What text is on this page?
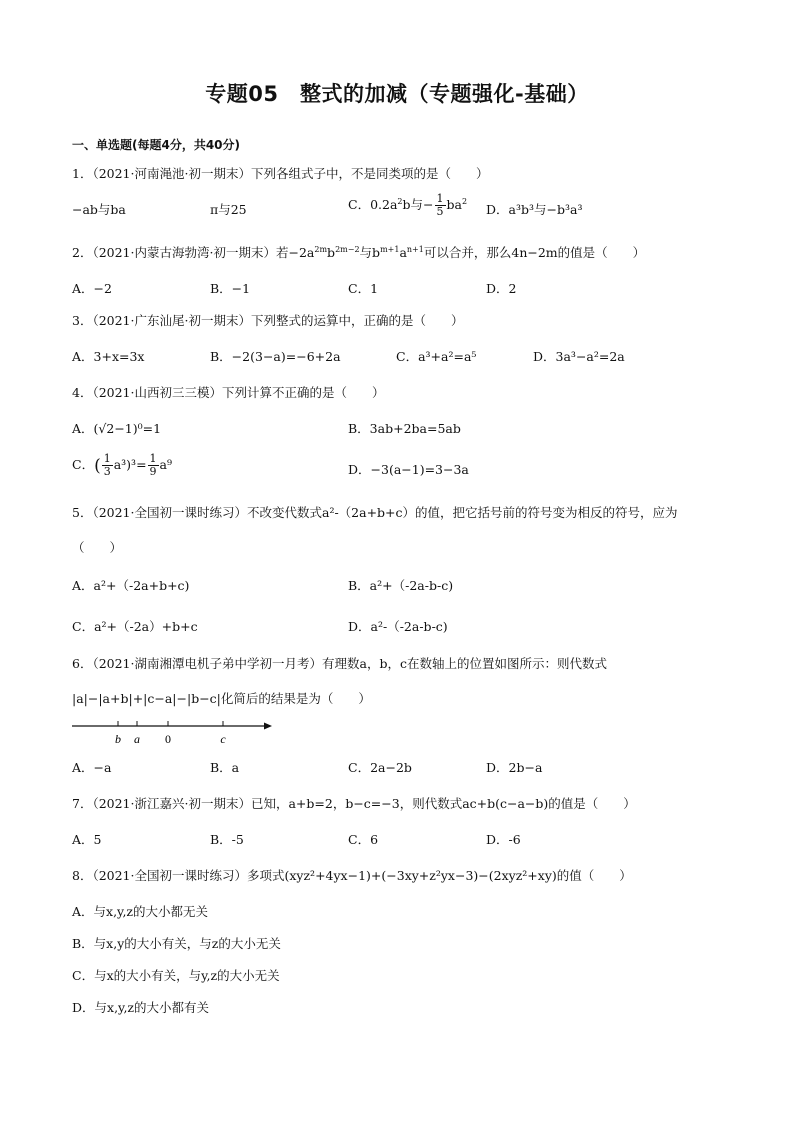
专题05　整式的加减（专题强化-基础）
一、单选题(每题4分，共40分)
1．（2021·河南渑池·初一期末）下列各组式子中，不是同类项的是（　　）
−ab与ba	π与25	C．$0.2a^2b$与− $\frac{1}{5} ba^2$
D．a³b³与−b³a³
2．（2021·内蒙古海勃湾·初一期末）若$-2a^{2m}b^{2m-2}$与$b^{m+1}a^{n+1}$可以合并，那么4n−2m的值是（　　）
A．−2	B．−1	C．1	D．2
3．（2021·广东汕尾·初一期末）下列整式的运算中，正确的是（　　）
A．3+x=3x	B．−2(3−a)=−6+2a	C．a³+a²=a⁵	D．3a³−a²=2a
4．（2021·山西初三三模）下列计算不正确的是（　　）
A．(√2−1)⁰=1	B．3ab+2ba=5ab
C．( $\frac{1}{3} a^3)^3= \frac{1}{9} a^9$	D．−3(a−1)=3−3a
5．（2021·全国初一课时练习）不改变代数式a²-（2a+b+c）的值，把它括号前的符号变为相反的符号，应为
（　　）
A．a²+（-2a+b+c)	B．a²+（-2a-b-c)
C．a²+（-2a）+b+c	D．a²-（-2a-b-c)
6．（2021·湖南湘潭电机子弟中学初一月考）有理数a，b，c在数轴上的位置如图所示：则代数式
|a|−|a+b|+|c−a|−|b−c|化简后的结果是为（　　）
b a 0	c
A．−a	B．a	C．2a−2b	D．2b−a
7．（2021·浙江嘉兴·初一期末）已知，a+b=2，b−c=−3，则代数式ac+b(c−a−b)的值是（　　）
A．5	B．-5	C．6	D．-6
8．（2021·全国初一课时练习）多项式(xyz²+4yx−1)+(−3xy+z²yx−3)−(2xyz²+xy)的值（　　）
A．与x,y,z的大小都无关
B．与x,y的大小有关，与z的大小无关
C．与x的大小有关，与y,z的大小无关
D．与x,y,z的大小都有关
